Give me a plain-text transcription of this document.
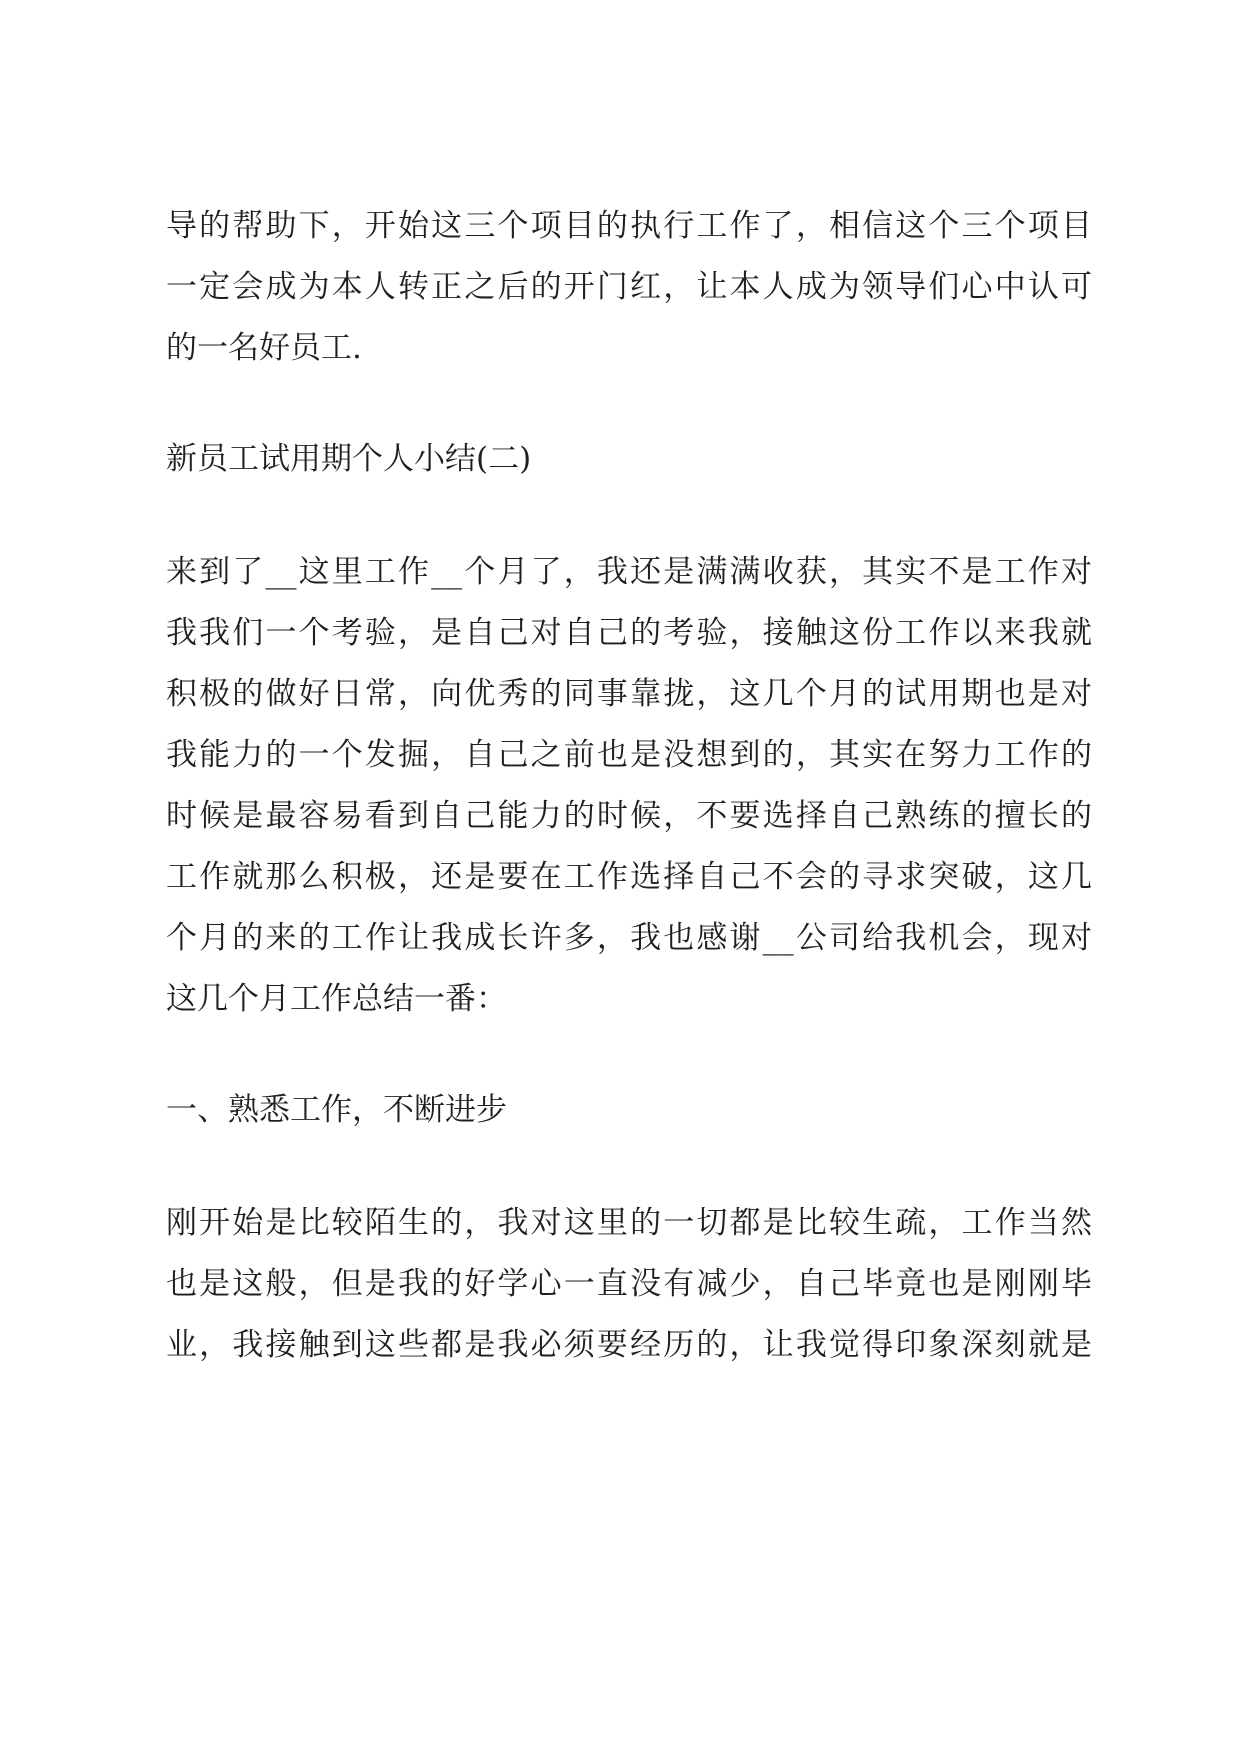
导的帮助下，开始这三个项目的执行工作了，相信这个三个项目
一定会成为本人转正之后的开门红，让本人成为领导们心中认可
的一名好员工.
新员工试用期个人小结(二)
来到了__这里工作__个月了，我还是满满收获，其实不是工作对
我我们一个考验，是自己对自己的考验，接触这份工作以来我就
积极的做好日常，向优秀的同事靠拢，这几个月的试用期也是对
我能力的一个发掘，自己之前也是没想到的，其实在努力工作的
时候是最容易看到自己能力的时候，不要选择自己熟练的擅长的
工作就那么积极，还是要在工作选择自己不会的寻求突破，这几
个月的来的工作让我成长许多，我也感谢__公司给我机会，现对
这几个月工作总结一番：
一、熟悉工作，不断进步
刚开始是比较陌生的，我对这里的一切都是比较生疏，工作当然
也是这般，但是我的好学心一直没有减少，自己毕竟也是刚刚毕
业，我接触到这些都是我必须要经历的，让我觉得印象深刻就是
